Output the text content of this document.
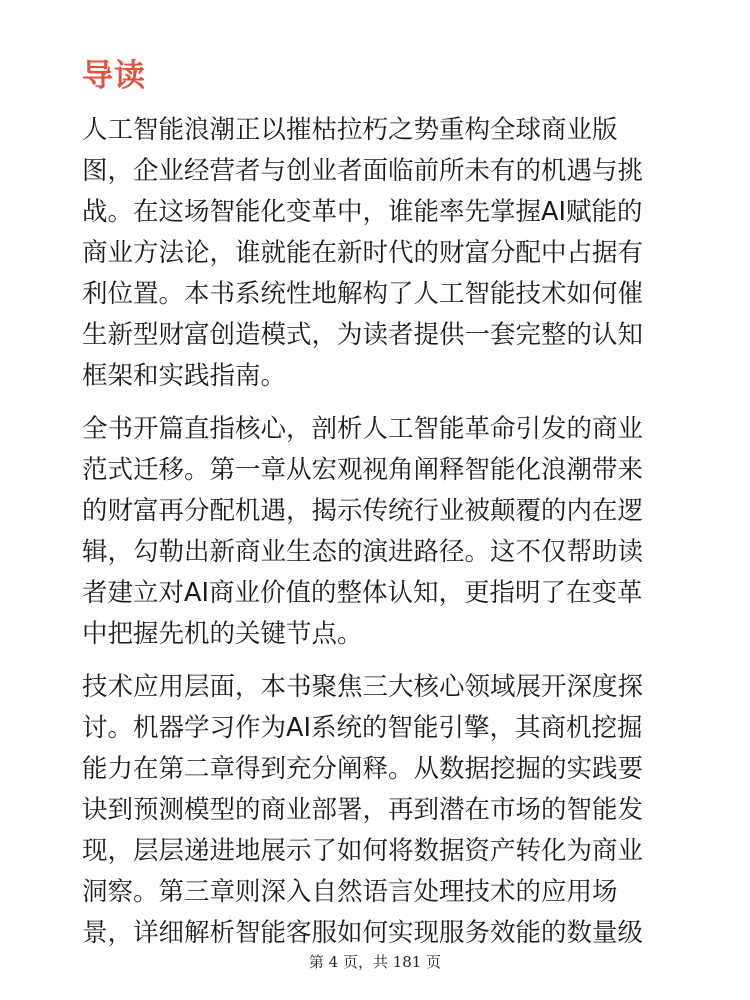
导读
人工智能浪潮正以摧枯拉朽之势重构全球商业版
图，企业经营者与创业者面临前所未有的机遇与挑
战。在这场智能化变革中，谁能率先掌握AI赋能的
商业方法论，谁就能在新时代的财富分配中占据有
利位置。本书系统性地解构了人工智能技术如何催
生新型财富创造模式，为读者提供一套完整的认知
框架和实践指南。
全书开篇直指核心，剖析人工智能革命引发的商业
范式迁移。第一章从宏观视角阐释智能化浪潮带来
的财富再分配机遇，揭示传统行业被颠覆的内在逻
辑，勾勒出新商业生态的演进路径。这不仅帮助读
者建立对AI商业价值的整体认知，更指明了在变革
中把握先机的关键节点。
技术应用层面，本书聚焦三大核心领域展开深度探
讨。机器学习作为AI系统的智能引擎，其商机挖掘
能力在第二章得到充分阐释。从数据挖掘的实践要
诀到预测模型的商业部署，再到潜在市场的智能发
现，层层递进地展示了如何将数据资产转化为商业
洞察。第三章则深入自然语言处理技术的应用场
景，详细解析智能客服如何实现服务效能的数量级
第 4 页，共 181 页
